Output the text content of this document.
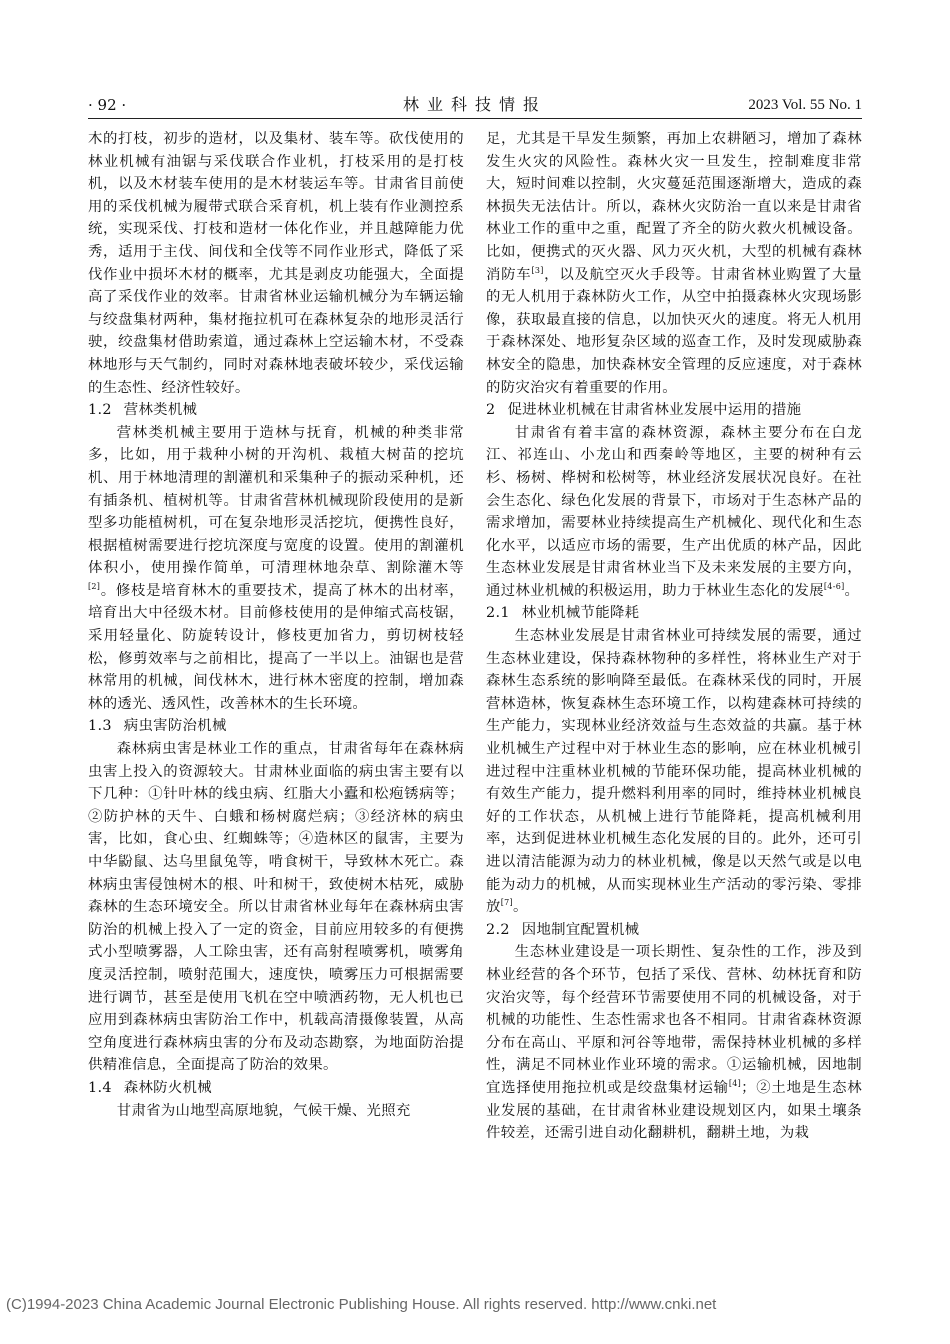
· 92 ·	林业科技情报	2023 Vol. 55 No. 1

木的打枝，初步的造材，以及集材、装车等。砍伐使用的林业机械有油锯与采伐联合作业机，打枝采用的是打枝机，以及木材装车使用的是木材装运车等。甘肃省目前使用的采伐机械为履带式联合采育机，机上装有作业测控系统，实现采伐、打枝和造材一体化作业，并且越障能力优秀，适用于主伐、间伐和全伐等不同作业形式，降低了采伐作业中损坏木材的概率，尤其是剥皮功能强大，全面提高了采伐作业的效率。甘肃省林业运输机械分为车辆运输与绞盘集材两种，集材拖拉机可在森林复杂的地形灵活行驶，绞盘集材借助索道，通过森林上空运输木材，不受森林地形与天气制约，同时对森林地表破坏较少，采伐运输的生态性、经济性较好。

1.2 营林类机械

营林类机械主要用于造林与抚育，机械的种类非常多，比如，用于栽种小树的开沟机、栽植大树苗的挖坑机、用于林地清理的割灌机和采集种子的振动采种机，还有插条机、植树机等。甘肃省营林机械现阶段使用的是新型多功能植树机，可在复杂地形灵活挖坑，便携性良好，根据植树需要进行挖坑深度与宽度的设置。使用的割灌机体积小，使用操作简单，可清理林地杂草、割除灌木等[2]。修枝是培育林木的重要技术，提高了林木的出材率，培育出大中径级木材。目前修枝使用的是伸缩式高枝锯，采用轻量化、防旋转设计，修枝更加省力，剪切树枝轻松，修剪效率与之前相比，提高了一半以上。油锯也是营林常用的机械，间伐林木，进行林木密度的控制，增加森林的透光、透风性，改善林木的生长环境。

1.3 病虫害防治机械

森林病虫害是林业工作的重点，甘肃省每年在森林病虫害上投入的资源较大。甘肃林业面临的病虫害主要有以下几种：①针叶林的线虫病、红脂大小蠹和松疱锈病等；②防护林的天牛、白蛾和杨树腐烂病；③经济林的病虫害，比如，食心虫、红蜘蛛等；④造林区的鼠害，主要为中华鼢鼠、达乌里鼠兔等，啃食树干，导致林木死亡。森林病虫害侵蚀树木的根、叶和树干，致使树木枯死，威胁森林的生态环境安全。所以甘肃省林业每年在森林病虫害防治的机械上投入了一定的资金，目前应用较多的有便携式小型喷雾器，人工除虫害，还有高射程喷雾机，喷雾角度灵活控制，喷射范围大，速度快，喷雾压力可根据需要进行调节，甚至是使用飞机在空中喷洒药物，无人机也已应用到森林病虫害防治工作中，机载高清摄像装置，从高空角度进行森林病虫害的分布及动态勘察，为地面防治提供精准信息，全面提高了防治的效果。

1.4 森林防火机械

甘肃省为山地型高原地貌，气候干燥、光照充

足，尤其是干旱发生频繁，再加上农耕陋习，增加了森林发生火灾的风险性。森林火灾一旦发生，控制难度非常大，短时间难以控制，火灾蔓延范围逐渐增大，造成的森林损失无法估计。所以，森林火灾防治一直以来是甘肃省林业工作的重中之重，配置了齐全的防火救火机械设备。比如，便携式的灭火器、风力灭火机，大型的机械有森林消防车[3]，以及航空灭火手段等。甘肃省林业购置了大量的无人机用于森林防火工作，从空中拍摄森林火灾现场影像，获取最直接的信息，以加快灭火的速度。将无人机用于森林深处、地形复杂区域的巡查工作，及时发现威胁森林安全的隐患，加快森林安全管理的反应速度，对于森林的防灾治灾有着重要的作用。

2 促进林业机械在甘肃省林业发展中运用的措施

甘肃省有着丰富的森林资源，森林主要分布在白龙江、祁连山、小龙山和西秦岭等地区，主要的树种有云杉、杨树、桦树和松树等，林业经济发展状况良好。在社会生态化、绿色化发展的背景下，市场对于生态林产品的需求增加，需要林业持续提高生产机械化、现代化和生态化水平，以适应市场的需要，生产出优质的林产品，因此生态林业发展是甘肃省林业当下及未来发展的主要方向，通过林业机械的积极运用，助力于林业生态化的发展[4-6]。

2.1 林业机械节能降耗

生态林业发展是甘肃省林业可持续发展的需要，通过生态林业建设，保持森林物种的多样性，将林业生产对于森林生态系统的影响降至最低。在森林采伐的同时，开展营林造林，恢复森林生态环境工作，以构建森林可持续的生产能力，实现林业经济效益与生态效益的共赢。基于林业机械生产过程中对于林业生态的影响，应在林业机械引进过程中注重林业机械的节能环保功能，提高林业机械的有效生产能力，提升燃料利用率的同时，维持林业机械良好的工作状态，从机械上进行节能降耗，提高机械利用率，达到促进林业机械生态化发展的目的。此外，还可引进以清洁能源为动力的林业机械，像是以天然气或是以电能为动力的机械，从而实现林业生产活动的零污染、零排放[7]。

2.2 因地制宜配置机械

生态林业建设是一项长期性、复杂性的工作，涉及到林业经营的各个环节，包括了采伐、营林、幼林抚育和防灾治灾等，每个经营环节需要使用不同的机械设备，对于机械的功能性、生态性需求也各不相同。甘肃省森林资源分布在高山、平原和河谷等地带，需保持林业机械的多样性，满足不同林业作业环境的需求。①运输机械，因地制宜选择使用拖拉机或是绞盘集材运输[4]；②土地是生态林业发展的基础，在甘肃省林业建设规划区内，如果土壤条件较差，还需引进自动化翻耕机，翻耕土地，为栽

(C)1994-2023 China Academic Journal Electronic Publishing House. All rights reserved. http://www.cnki.net
